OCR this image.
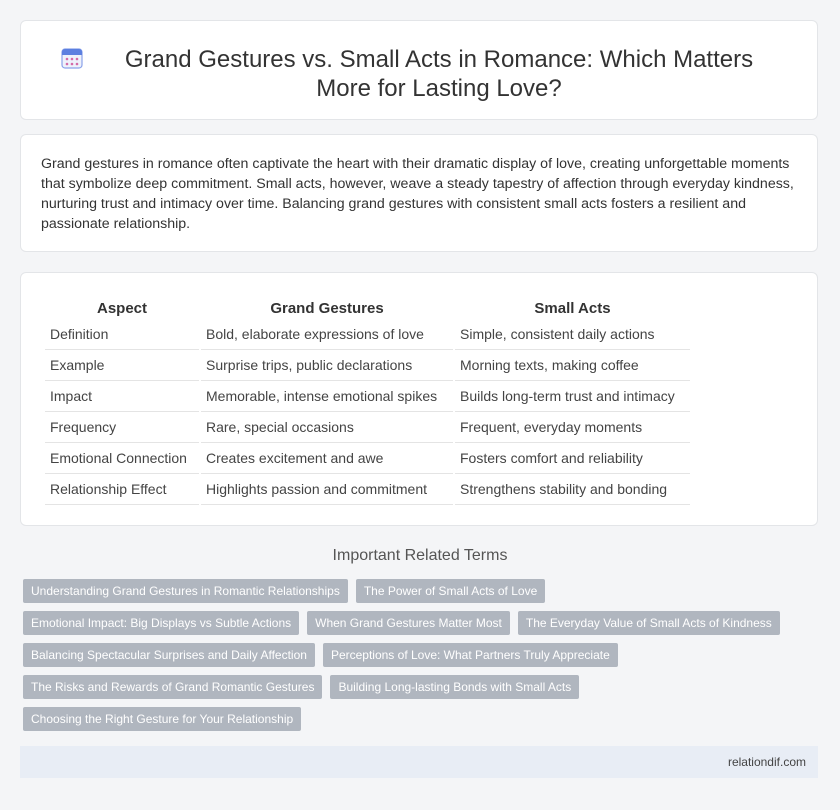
Grand Gestures vs. Small Acts in Romance: Which Matters More for Lasting Love?

Grand gestures in romance often captivate the heart with their dramatic display of love, creating unforgettable moments that symbolize deep commitment. Small acts, however, weave a steady tapestry of affection through everyday kindness, nurturing trust and intimacy over time. Balancing grand gestures with consistent small acts fosters a resilient and passionate relationship.

Aspect	Grand Gestures	Small Acts
Definition	Bold, elaborate expressions of love	Simple, consistent daily actions
Example	Surprise trips, public declarations	Morning texts, making coffee
Impact	Memorable, intense emotional spikes	Builds long-term trust and intimacy
Frequency	Rare, special occasions	Frequent, everyday moments
Emotional Connection	Creates excitement and awe	Fosters comfort and reliability
Relationship Effect	Highlights passion and commitment	Strengthens stability and bonding
Important Related Terms
Understanding Grand Gestures in Romantic Relationships	The Power of Small Acts of Love
Emotional Impact: Big Displays vs Subtle Actions	When Grand Gestures Matter Most	The Everyday Value of Small Acts of Kindness
Balancing Spectacular Surprises and Daily Affection	Perceptions of Love: What Partners Truly Appreciate
The Risks and Rewards of Grand Romantic Gestures	Building Long-lasting Bonds with Small Acts
Choosing the Right Gesture for Your Relationship
relationdif.com
